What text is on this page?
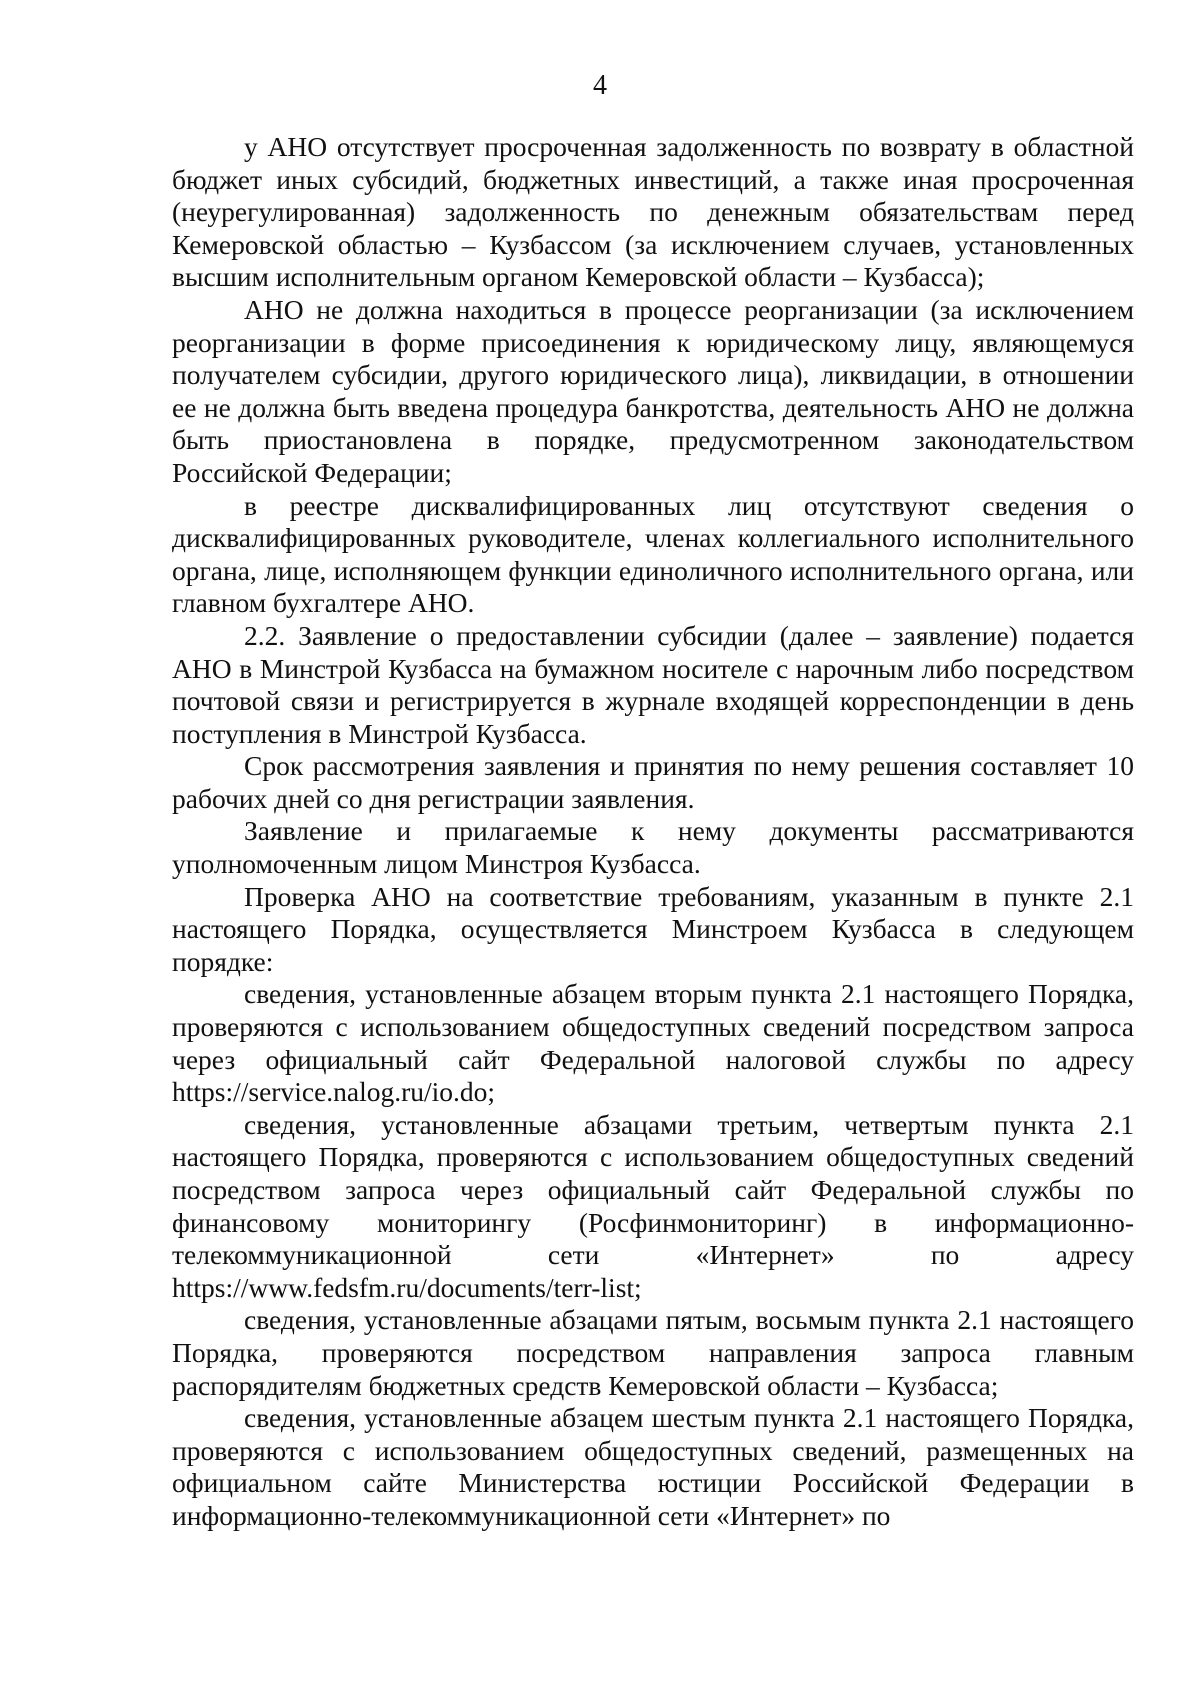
4

у АНО отсутствует просроченная задолженность по возврату в областной бюджет иных субсидий, бюджетных инвестиций, а также иная просроченная (неурегулированная) задолженность по денежным обязательствам перед Кемеровской областью – Кузбассом (за исключением случаев, установленных высшим исполнительным органом Кемеровской области – Кузбасса);

АНО не должна находиться в процессе реорганизации (за исключением реорганизации в форме присоединения к юридическому лицу, являющемуся получателем субсидии, другого юридического лица), ликвидации, в отношении ее не должна быть введена процедура банкротства, деятельность АНО не должна быть приостановлена в порядке, предусмотренном законодательством Российской Федерации;

в реестре дисквалифицированных лиц отсутствуют сведения о дисквалифицированных руководителе, членах коллегиального исполнительного органа, лице, исполняющем функции единоличного исполнительного органа, или главном бухгалтере АНО.

2.2. Заявление о предоставлении субсидии (далее – заявление) подается АНО в Минстрой Кузбасса на бумажном носителе с нарочным либо посредством почтовой связи и регистрируется в журнале входящей корреспонденции в день поступления в Минстрой Кузбасса.

Срок рассмотрения заявления и принятия по нему решения составляет 10 рабочих дней со дня регистрации заявления.

Заявление и прилагаемые к нему документы рассматриваются уполномоченным лицом Минстроя Кузбасса.

Проверка АНО на соответствие требованиям, указанным в пункте 2.1 настоящего Порядка, осуществляется Минстроем Кузбасса в следующем порядке:

сведения, установленные абзацем вторым пункта 2.1 настоящего Порядка, проверяются с использованием общедоступных сведений посредством запроса через официальный сайт Федеральной налоговой службы по адресу https://service.nalog.ru/io.do;

сведения, установленные абзацами третьим, четвертым пункта 2.1 настоящего Порядка, проверяются с использованием общедоступных сведений посредством запроса через официальный сайт Федеральной службы по финансовому мониторингу (Росфинмониторинг) в информационно-телекоммуникационной сети «Интернет» по адресу https://www.fedsfm.ru/documents/terr-list;

сведения, установленные абзацами пятым, восьмым пункта 2.1 настоящего Порядка, проверяются посредством направления запроса главным распорядителям бюджетных средств Кемеровской области – Кузбасса;

сведения, установленные абзацем шестым пункта 2.1 настоящего Порядка, проверяются с использованием общедоступных сведений, размещенных на официальном сайте Министерства юстиции Российской Федерации в информационно-телекоммуникационной сети «Интернет» по
